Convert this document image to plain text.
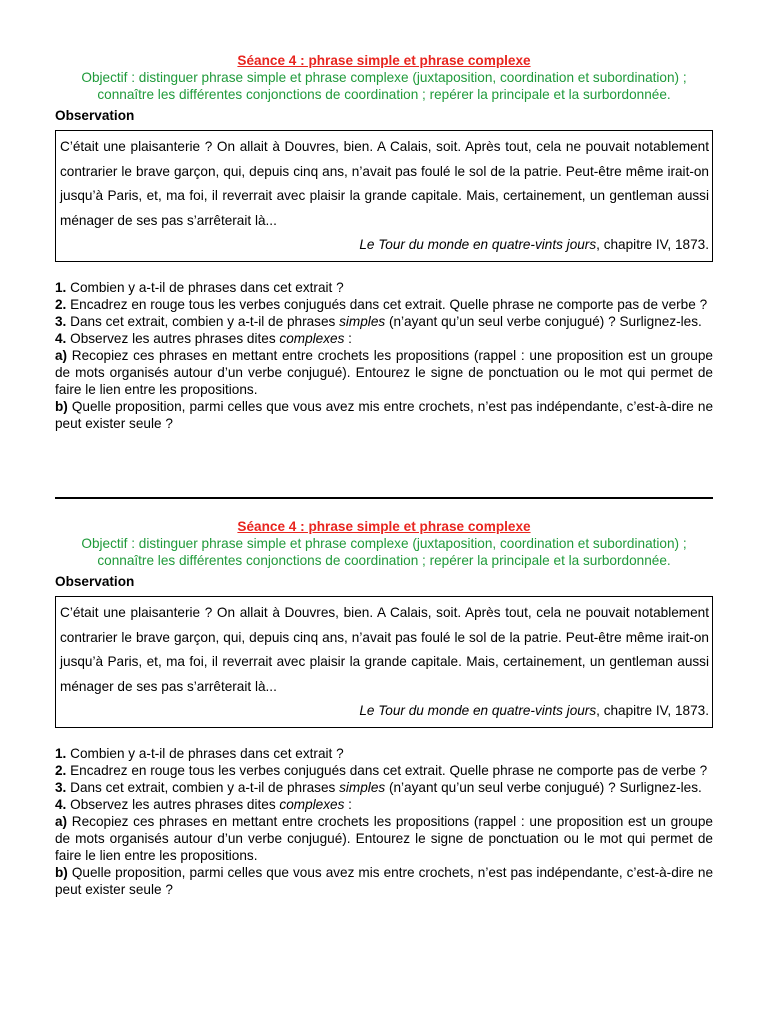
Séance 4 : phrase simple et phrase complexe
Objectif : distinguer phrase simple et phrase complexe (juxtaposition, coordination et subordination) ; connaître les différentes conjonctions de coordination ; repérer la principale et la surbordonnée.
Observation
C’était une plaisanterie ? On allait à Douvres, bien. A Calais, soit. Après tout, cela ne pouvait notablement contrarier le brave garçon, qui, depuis cinq ans, n’avait pas foulé le sol de la patrie. Peut-être même irait-on jusqu’à Paris, et, ma foi, il reverrait avec plaisir la grande capitale. Mais, certainement, un gentleman aussi ménager de ses pas s’arrêterait là...
Le Tour du monde en quatre-vints jours, chapitre IV, 1873.
1. Combien y a-t-il de phrases dans cet extrait ?
2. Encadrez en rouge tous les verbes conjugués dans cet extrait. Quelle phrase ne comporte pas de verbe ?
3. Dans cet extrait, combien y a-t-il de phrases simples (n’ayant qu’un seul verbe conjugué) ? Surlignez-les.
4. Observez les autres phrases dites complexes :
a) Recopiez ces phrases en mettant entre crochets les propositions (rappel : une proposition est un groupe de mots organisés autour d’un verbe conjugué). Entourez le signe de ponctuation ou le mot qui permet de faire le lien entre les propositions.
b) Quelle proposition, parmi celles que vous avez mis entre crochets, n’est pas indépendante, c’est-à-dire ne peut exister seule ?
Séance 4 : phrase simple et phrase complexe
Objectif : distinguer phrase simple et phrase complexe (juxtaposition, coordination et subordination) ; connaître les différentes conjonctions de coordination ; repérer la principale et la surbordonnée.
Observation
C’était une plaisanterie ? On allait à Douvres, bien. A Calais, soit. Après tout, cela ne pouvait notablement contrarier le brave garçon, qui, depuis cinq ans, n’avait pas foulé le sol de la patrie. Peut-être même irait-on jusqu’à Paris, et, ma foi, il reverrait avec plaisir la grande capitale. Mais, certainement, un gentleman aussi ménager de ses pas s’arrêterait là...
Le Tour du monde en quatre-vints jours, chapitre IV, 1873.
1. Combien y a-t-il de phrases dans cet extrait ?
2. Encadrez en rouge tous les verbes conjugués dans cet extrait. Quelle phrase ne comporte pas de verbe ?
3. Dans cet extrait, combien y a-t-il de phrases simples (n’ayant qu’un seul verbe conjugué) ? Surlignez-les.
4. Observez les autres phrases dites complexes :
a) Recopiez ces phrases en mettant entre crochets les propositions (rappel : une proposition est un groupe de mots organisés autour d’un verbe conjugué). Entourez le signe de ponctuation ou le mot qui permet de faire le lien entre les propositions.
b) Quelle proposition, parmi celles que vous avez mis entre crochets, n’est pas indépendante, c’est-à-dire ne peut exister seule ?
